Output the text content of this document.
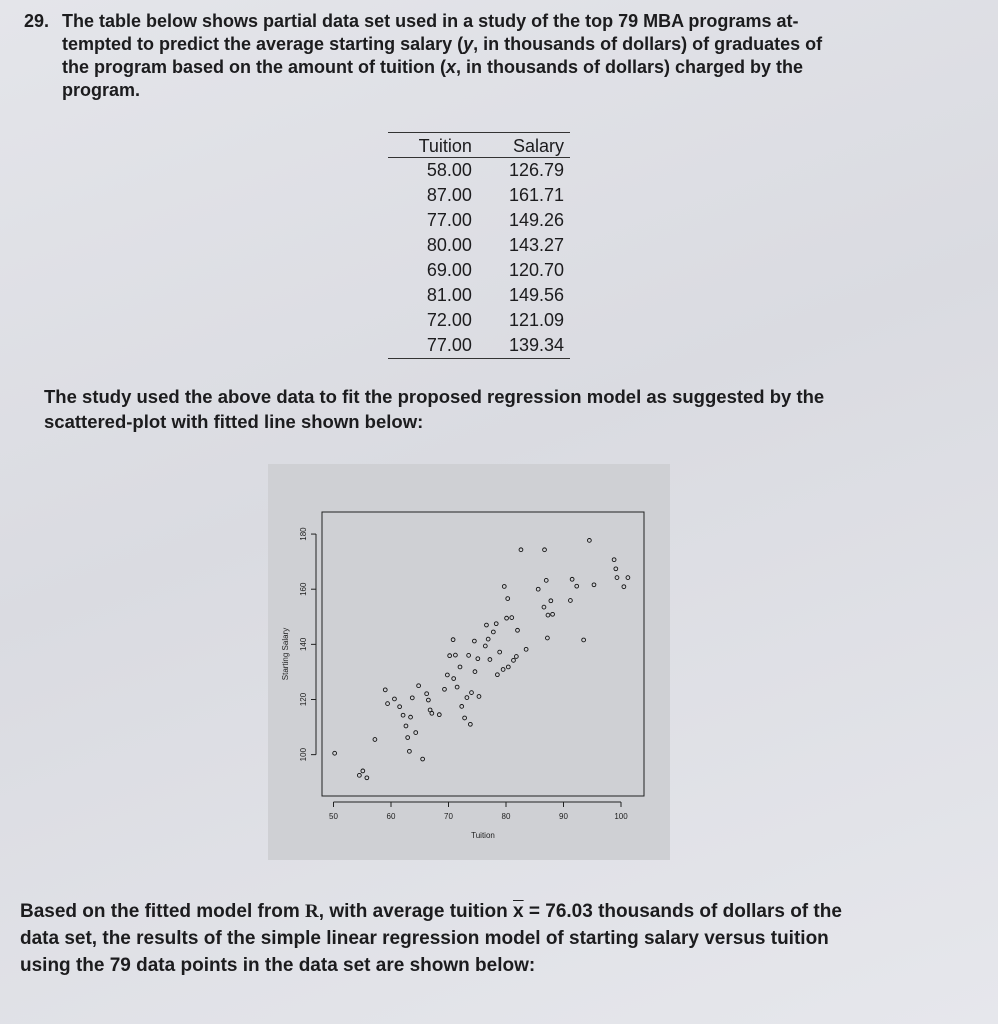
29. The table below shows partial data set used in a study of the top 79 MBA programs at-
tempted to predict the average starting salary (y, in thousands of dollars) of graduates of
the program based on the amount of tuition (x, in thousands of dollars) charged by the
program.
Tuition	Salary
58.00	126.79
87.00	161.71
77.00	149.26
80.00	143.27
69.00	120.70
81.00	149.56
72.00	121.09
77.00	139.34
The study used the above data to fit the proposed regression model as suggested by the
scattered-plot with fitted line shown below:
50	60	70	80	90	100
100
120
140
160
180
Tuition
Starting Salary
Based on the fitted model from R, with average tuition $\overline{x} = 76.03$ thousands of dollars of the
data set, the results of the simple linear regression model of starting salary versus tuition
using the 79 data points in the data set are shown below:
